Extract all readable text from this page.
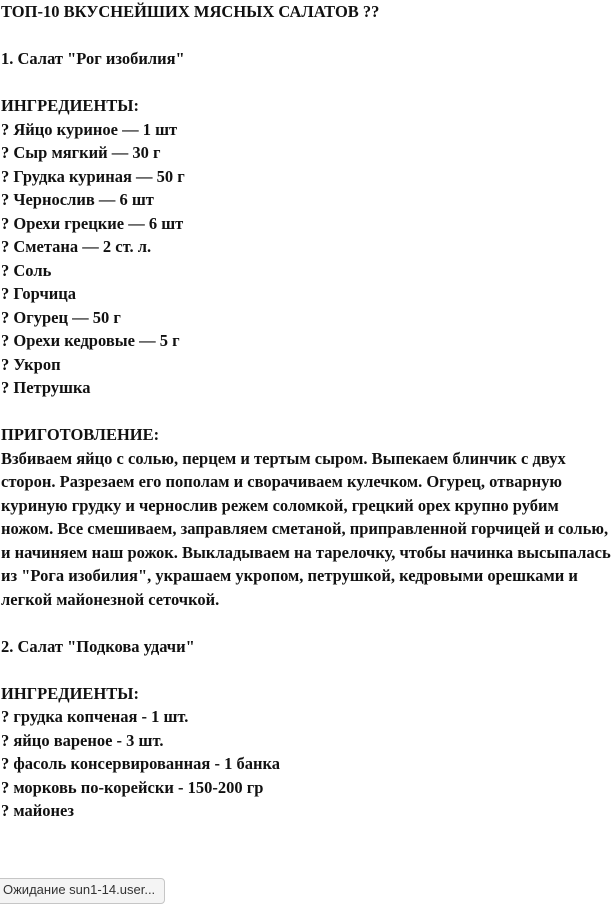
ТОП-10 ВКУСНЕЙШИХ МЯСНЫХ САЛАТОВ ??
1. Салат "Рог изобилия"
ИНГРЕДИЕНТЫ:
? Яйцо куриное — 1 шт
? Сыр мягкий — 30 г
? Грудка куриная — 50 г
? Чернослив — 6 шт
? Орехи грецкие — 6 шт
? Сметана — 2 ст. л.
? Соль
? Горчица
? Огурец — 50 г
? Орехи кедровые — 5 г
? Укроп
? Петрушка
ПРИГОТОВЛЕНИЕ:
Взбиваем яйцо с солью, перцем и тертым сыром. Выпекаем блинчик с двух сторон. Разрезаем его пополам и сворачиваем кулечком. Огурец, отварную куриную грудку и чернослив режем соломкой, грецкий орех крупно рубим ножом. Все смешиваем, заправляем сметаной, приправленной горчицей и солью, и начиняем наш рожок. Выкладываем на тарелочку, чтобы начинка высыпалась из "Рога изобилия", украшаем укропом, петрушкой, кедровыми орешками и легкой майонезной сеточкой.
2. Салат "Подкова удачи"
ИНГРЕДИЕНТЫ:
? грудка копченая - 1 шт.
? яйцо вареное - 3 шт.
? фасоль консервированная - 1 банка
? морковь по-корейски - 150-200 гр
? майонез
Ожидание sun1-14.user...
